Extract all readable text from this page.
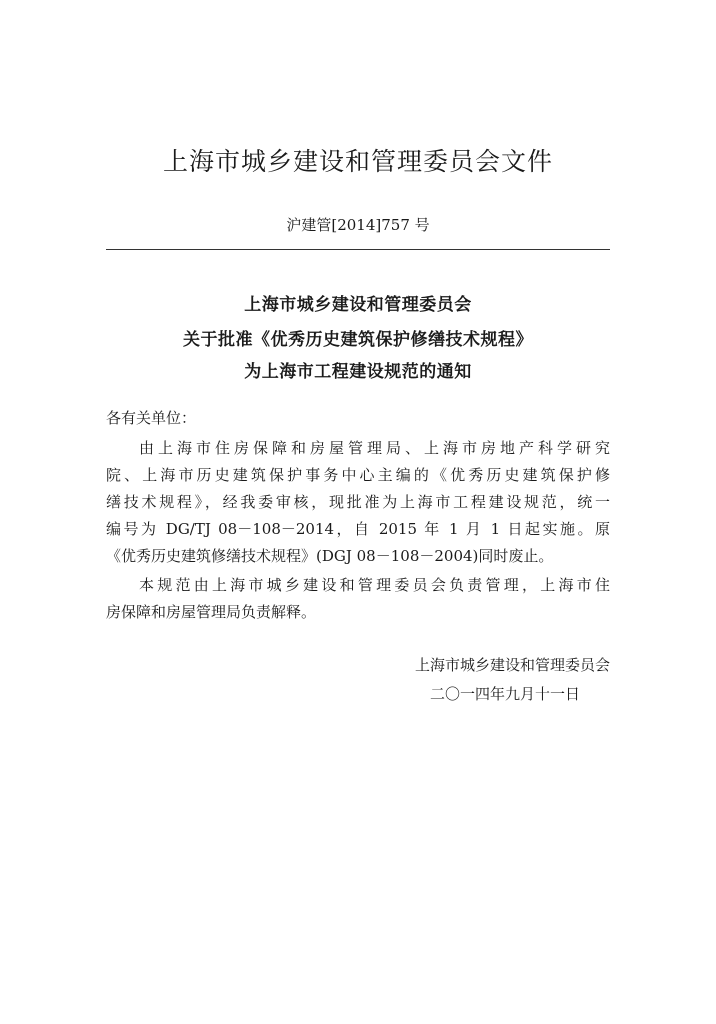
上海市城乡建设和管理委员会文件
沪建管[2014]757 号
上海市城乡建设和管理委员会
关于批准《优秀历史建筑保护修缮技术规程》
为上海市工程建设规范的通知
各有关单位：
由上海市住房保障和房屋管理局、上海市房地产科学研究
院、上海市历史建筑保护事务中心主编的《优秀历史建筑保护修
缮技术规程》，经我委审核，现批准为上海市工程建设规范，统一
编号为 DG/TJ 08－108－2014，自 2015 年 1 月 1 日起实施。原
《优秀历史建筑修缮技术规程》(DGJ 08－108－2004)同时废止。
本规范由上海市城乡建设和管理委员会负责管理，上海市住
房保障和房屋管理局负责解释。
上海市城乡建设和管理委员会
二〇一四年九月十一日
